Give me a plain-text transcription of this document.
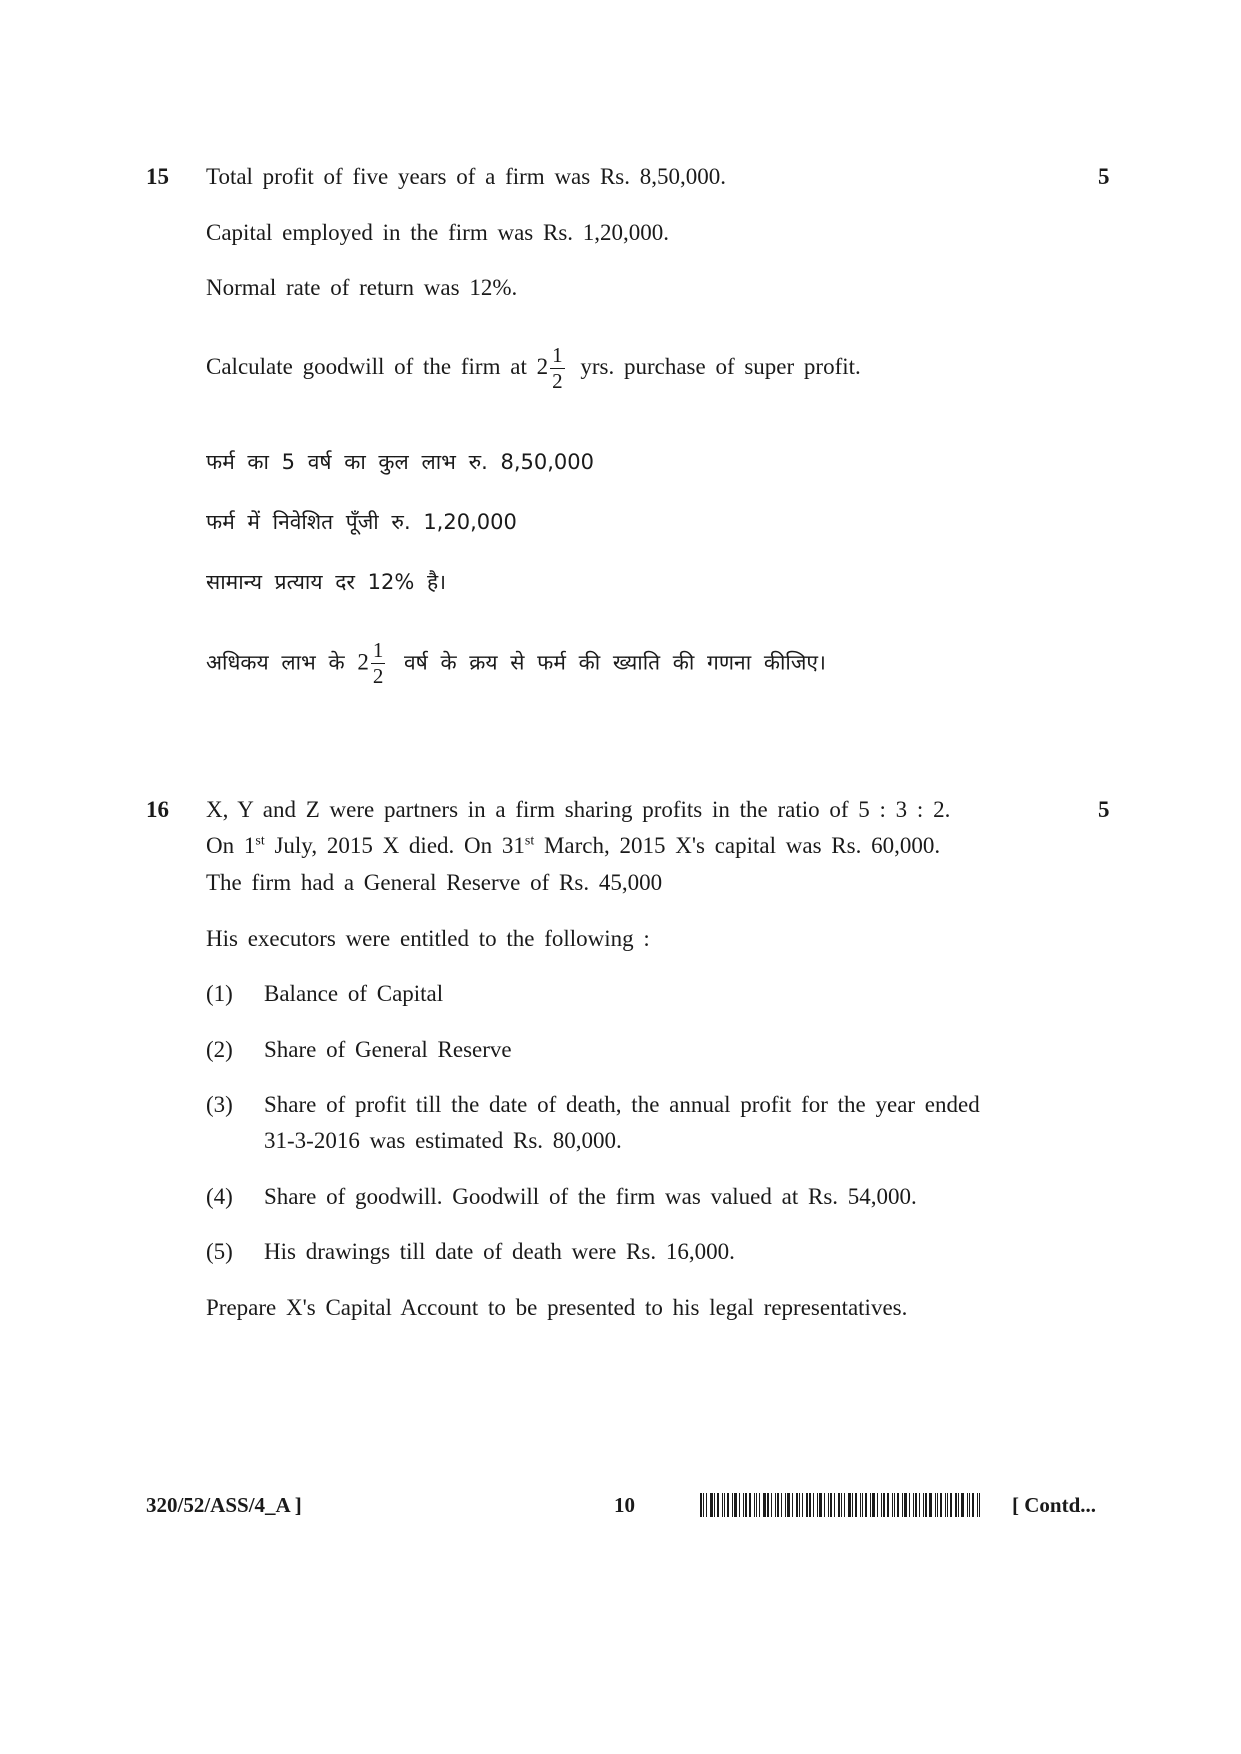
15	5
Total profit of five years of a firm was Rs. 8,50,000.
Capital employed in the firm was Rs. 1,20,000.
Normal rate of return was 12%.
Calculate goodwill of the firm at $2 \frac{1}{2}$ yrs. purchase of super profit.
फर्म का 5 वर्ष का कुल लाभ रु. 8,50,000
फर्म में निवेशित पूँजी रु. 1,20,000
सामान्य प्रत्याय दर 12% है।
अधिकय लाभ के $2 \frac{1}{2}$ वर्ष के क्रय से फर्म की ख्याति की गणना कीजिए।
16	5
X, Y and Z were partners in a firm sharing profits in the ratio of 5 : 3 : 2.
On 1st July, 2015 X died. On 31st March, 2015 X's capital was Rs. 60,000.
The firm had a General Reserve of Rs. 45,000
His executors were entitled to the following :
(1) Balance of Capital
(2) Share of General Reserve
(3) Share of profit till the date of death, the annual profit for the year ended
31-3-2016 was estimated Rs. 80,000.
(4) Share of goodwill. Goodwill of the firm was valued at Rs. 54,000.
(5) His drawings till date of death were Rs. 16,000.
Prepare X's Capital Account to be presented to his legal representatives.
320/52/ASS/4_A ]	10	[ Contd...
